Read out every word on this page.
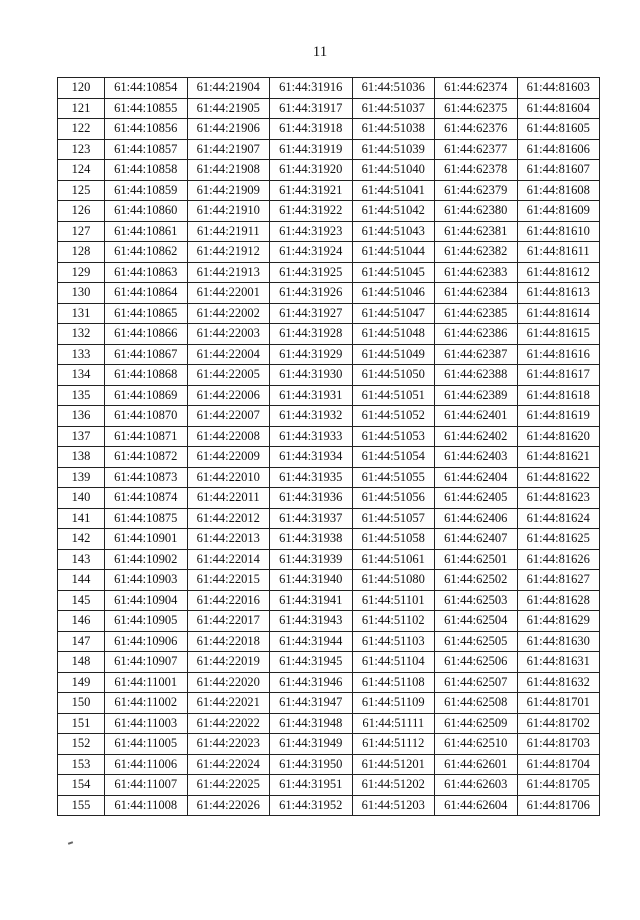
11
120	61:44:10854	61:44:21904	61:44:31916	61:44:51036	61:44:62374	61:44:81603
121	61:44:10855	61:44:21905	61:44:31917	61:44:51037	61:44:62375	61:44:81604
122	61:44:10856	61:44:21906	61:44:31918	61:44:51038	61:44:62376	61:44:81605
123	61:44:10857	61:44:21907	61:44:31919	61:44:51039	61:44:62377	61:44:81606
124	61:44:10858	61:44:21908	61:44:31920	61:44:51040	61:44:62378	61:44:81607
125	61:44:10859	61:44:21909	61:44:31921	61:44:51041	61:44:62379	61:44:81608
126	61:44:10860	61:44:21910	61:44:31922	61:44:51042	61:44:62380	61:44:81609
127	61:44:10861	61:44:21911	61:44:31923	61:44:51043	61:44:62381	61:44:81610
128	61:44:10862	61:44:21912	61:44:31924	61:44:51044	61:44:62382	61:44:81611
129	61:44:10863	61:44:21913	61:44:31925	61:44:51045	61:44:62383	61:44:81612
130	61:44:10864	61:44:22001	61:44:31926	61:44:51046	61:44:62384	61:44:81613
131	61:44:10865	61:44:22002	61:44:31927	61:44:51047	61:44:62385	61:44:81614
132	61:44:10866	61:44:22003	61:44:31928	61:44:51048	61:44:62386	61:44:81615
133	61:44:10867	61:44:22004	61:44:31929	61:44:51049	61:44:62387	61:44:81616
134	61:44:10868	61:44:22005	61:44:31930	61:44:51050	61:44:62388	61:44:81617
135	61:44:10869	61:44:22006	61:44:31931	61:44:51051	61:44:62389	61:44:81618
136	61:44:10870	61:44:22007	61:44:31932	61:44:51052	61:44:62401	61:44:81619
137	61:44:10871	61:44:22008	61:44:31933	61:44:51053	61:44:62402	61:44:81620
138	61:44:10872	61:44:22009	61:44:31934	61:44:51054	61:44:62403	61:44:81621
139	61:44:10873	61:44:22010	61:44:31935	61:44:51055	61:44:62404	61:44:81622
140	61:44:10874	61:44:22011	61:44:31936	61:44:51056	61:44:62405	61:44:81623
141	61:44:10875	61:44:22012	61:44:31937	61:44:51057	61:44:62406	61:44:81624
142	61:44:10901	61:44:22013	61:44:31938	61:44:51058	61:44:62407	61:44:81625
143	61:44:10902	61:44:22014	61:44:31939	61:44:51061	61:44:62501	61:44:81626
144	61:44:10903	61:44:22015	61:44:31940	61:44:51080	61:44:62502	61:44:81627
145	61:44:10904	61:44:22016	61:44:31941	61:44:51101	61:44:62503	61:44:81628
146	61:44:10905	61:44:22017	61:44:31943	61:44:51102	61:44:62504	61:44:81629
147	61:44:10906	61:44:22018	61:44:31944	61:44:51103	61:44:62505	61:44:81630
148	61:44:10907	61:44:22019	61:44:31945	61:44:51104	61:44:62506	61:44:81631
149	61:44:11001	61:44:22020	61:44:31946	61:44:51108	61:44:62507	61:44:81632
150	61:44:11002	61:44:22021	61:44:31947	61:44:51109	61:44:62508	61:44:81701
151	61:44:11003	61:44:22022	61:44:31948	61:44:51111	61:44:62509	61:44:81702
152	61:44:11005	61:44:22023	61:44:31949	61:44:51112	61:44:62510	61:44:81703
153	61:44:11006	61:44:22024	61:44:31950	61:44:51201	61:44:62601	61:44:81704
154	61:44:11007	61:44:22025	61:44:31951	61:44:51202	61:44:62603	61:44:81705
155	61:44:11008	61:44:22026	61:44:31952	61:44:51203	61:44:62604	61:44:81706
